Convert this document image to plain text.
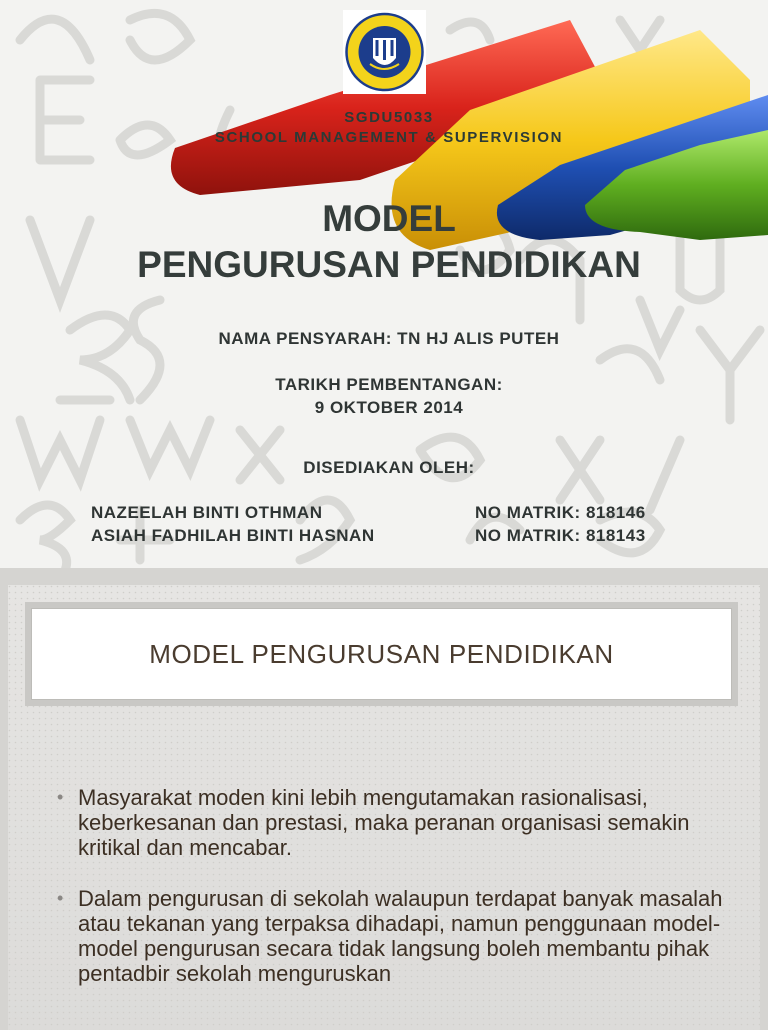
SGDU5033
SCHOOL MANAGEMENT & SUPERVISION
MODEL
PENGURUSAN PENDIDIKAN
NAMA PENSYARAH: TN HJ ALIS PUTEH
TARIKH PEMBENTANGAN:
9 OKTOBER 2014
DISEDIAKAN OLEH:
NAZEELAH BINTI OTHMAN	NO MATRIK: 818146
ASIAH FADHILAH BINTI HASNAN	NO MATRIK: 818143
MODEL PENGURUSAN PENDIDIKAN
• Masyarakat moden kini lebih mengutamakan rasionalisasi, keberkesanan dan prestasi, maka peranan organisasi semakin kritikal dan mencabar.
• Dalam pengurusan di sekolah walaupun terdapat banyak masalah atau tekanan yang terpaksa dihadapi, namun penggunaan model-model pengurusan secara tidak langsung boleh membantu pihak pentadbir sekolah menguruskan
